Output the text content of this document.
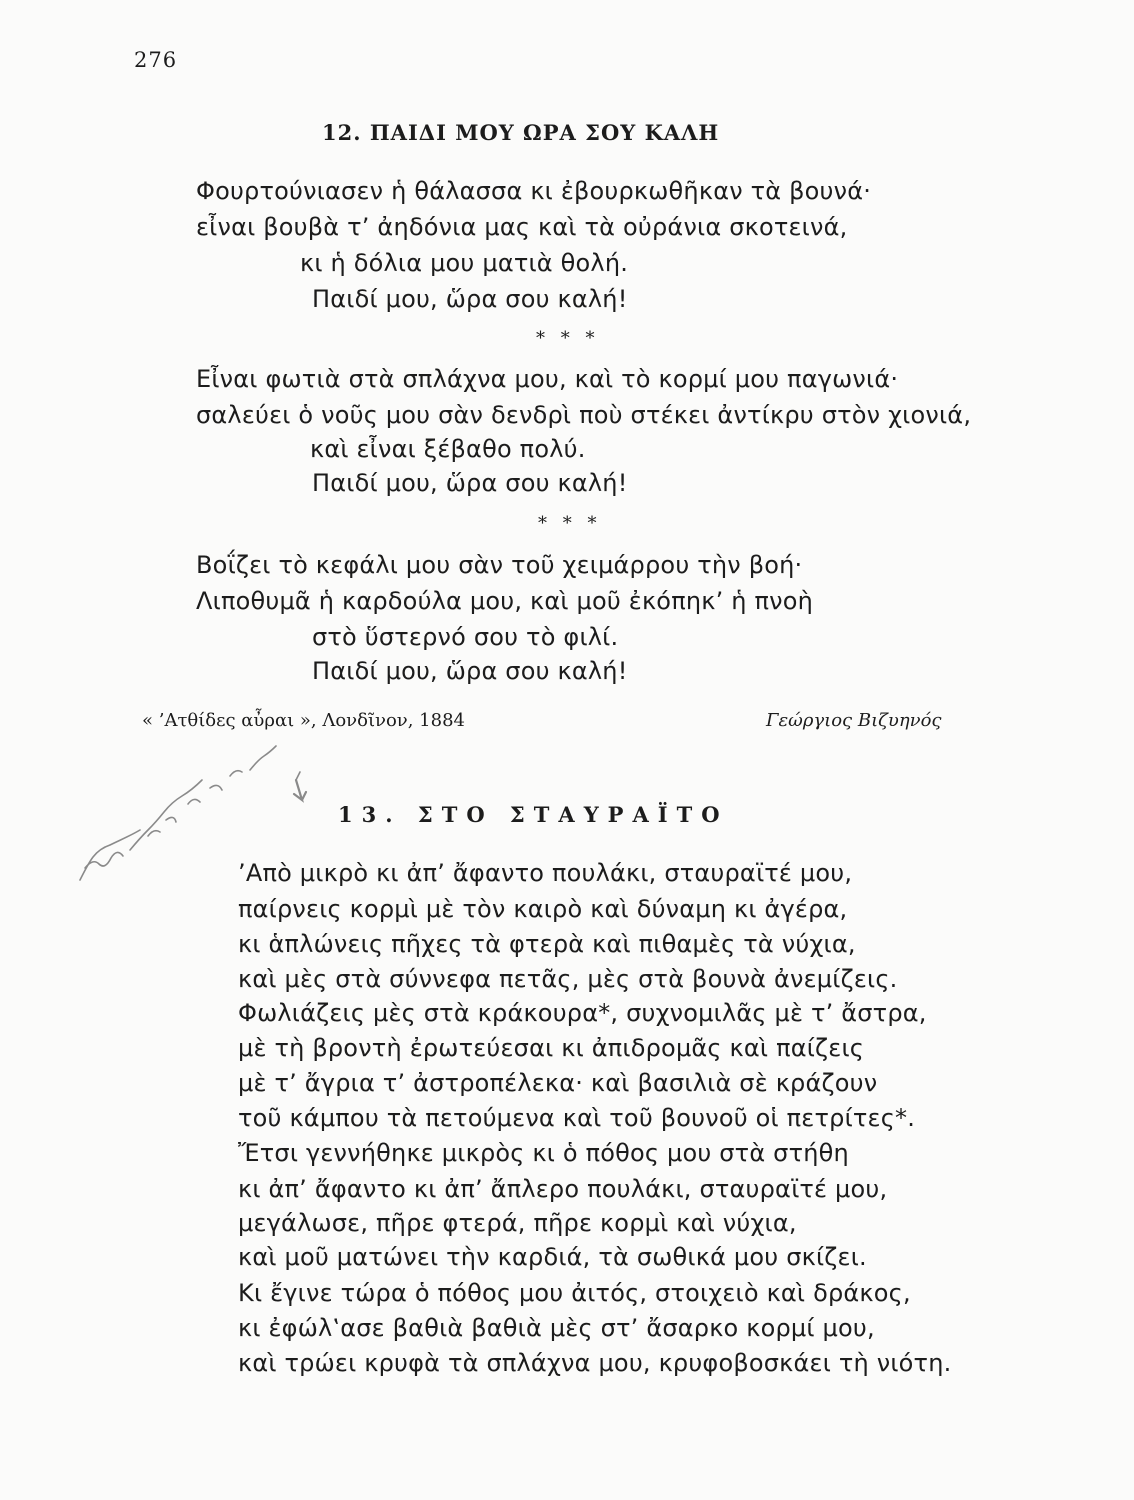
276
12. ΠΑΙΔΙ ΜΟΥ ΩΡΑ ΣΟΥ ΚΑΛΗ
Φουρτούνιασεν ἡ θάλασσα κι ἐβουρκωθῆκαν τὰ βουνά·
εἶναι βουβὰ τ’ ἀηδόνια μας καὶ τὰ οὐράνια σκοτεινά,
κι ἡ δόλια μου ματιὰ θολή.
Παιδί μου, ὥρα σου καλή!
* * *
Εἶναι φωτιὰ στὰ σπλάχνα μου, καὶ τὸ κορμί μου παγωνιά·
σαλεύει ὁ νοῦς μου σὰν δενδρὶ ποὺ στέκει ἀντίκρυ στὸν χιονιά,
καὶ εἶναι ξέβαθο πολύ.
Παιδί μου, ὥρα σου καλή!
* * *
Βοΐζει τὸ κεφάλι μου σὰν τοῦ χειμάρρου τὴν βοή·
Λιποθυμᾶ ἡ καρδούλα μου, καὶ μοῦ ἐκόπηκ’ ἡ πνοὴ
στὸ ὕστερνό σου τὸ φιλί.
Παιδί μου, ὥρα σου καλή!
« ’Ατθίδες αὖραι », Λονδῖνον, 1884	Γεώργιος Βιζυηνός
13. ΣΤΟ ΣΤΑΥΡΑΪΤΟ
’Απὸ μικρὸ κι ἀπ’ ἄφαντο πουλάκι, σταυραϊτέ μου,
παίρνεις κορμὶ μὲ τὸν καιρὸ καὶ δύναμη κι ἀγέρα,
κι ἁπλώνεις πῆχες τὰ φτερὰ καὶ πιθαμὲς τὰ νύχια,
καὶ μὲς στὰ σύννεφα πετᾶς, μὲς στὰ βουνὰ ἀνεμίζεις.
Φωλιάζεις μὲς στὰ κράκουρα*, συχνομιλᾶς μὲ τ’ ἄστρα,
μὲ τὴ βροντὴ ἐρωτεύεσαι κι ἀπιδρομᾶς καὶ παίζεις
μὲ τ’ ἄγρια τ’ ἀστροπέλεκα· καὶ βασιλιὰ σὲ κράζουν
τοῦ κάμπου τὰ πετούμενα καὶ τοῦ βουνοῦ οἱ πετρίτες*.
Ἔτσι γεννήθηκε μικρὸς κι ὁ πόθος μου στὰ στήθη
κι ἀπ’ ἄφαντο κι ἀπ’ ἄπλερο πουλάκι, σταυραϊτέ μου,
μεγάλωσε, πῆρε φτερά, πῆρε κορμὶ καὶ νύχια,
καὶ μοῦ ματώνει τὴν καρδιά, τὰ σωθικά μου σκίζει.
Κι ἔγινε τώρα ὁ πόθος μου ἀιτός, στοιχειὸ καὶ δράκος,
κι ἐφώλ‛ασε βαθιὰ βαθιὰ μὲς στ’ ἄσαρκο κορμί μου,
καὶ τρώει κρυφὰ τὰ σπλάχνα μου, κρυφοβοσκάει τὴ νιότη.
